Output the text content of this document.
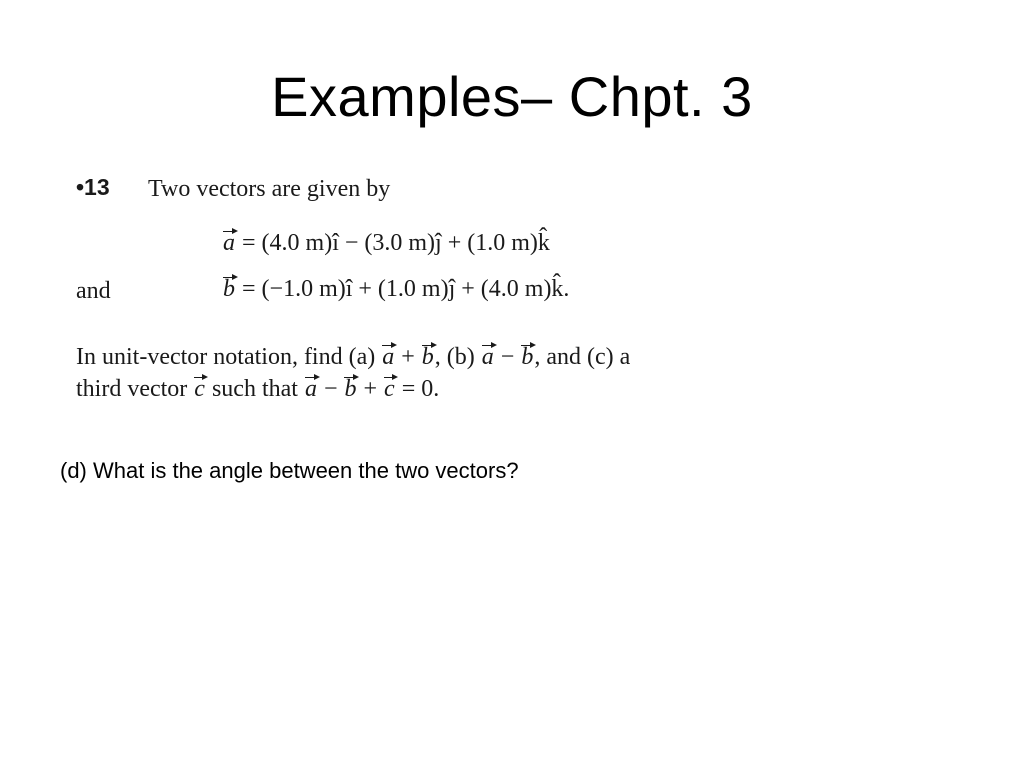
Examples– Chpt. 3
•13 Two vectors are given by
a = (4.0 m)î − (3.0 m)ĵ + (1.0 m)k̂
and	b = (−1.0 m)î + (1.0 m)ĵ + (4.0 m)k̂.
In unit-vector notation, find (a) a + b, (b) a − b, and (c) a
third vector c such that a − b + c = 0.
(d) What is the angle between the two vectors?
